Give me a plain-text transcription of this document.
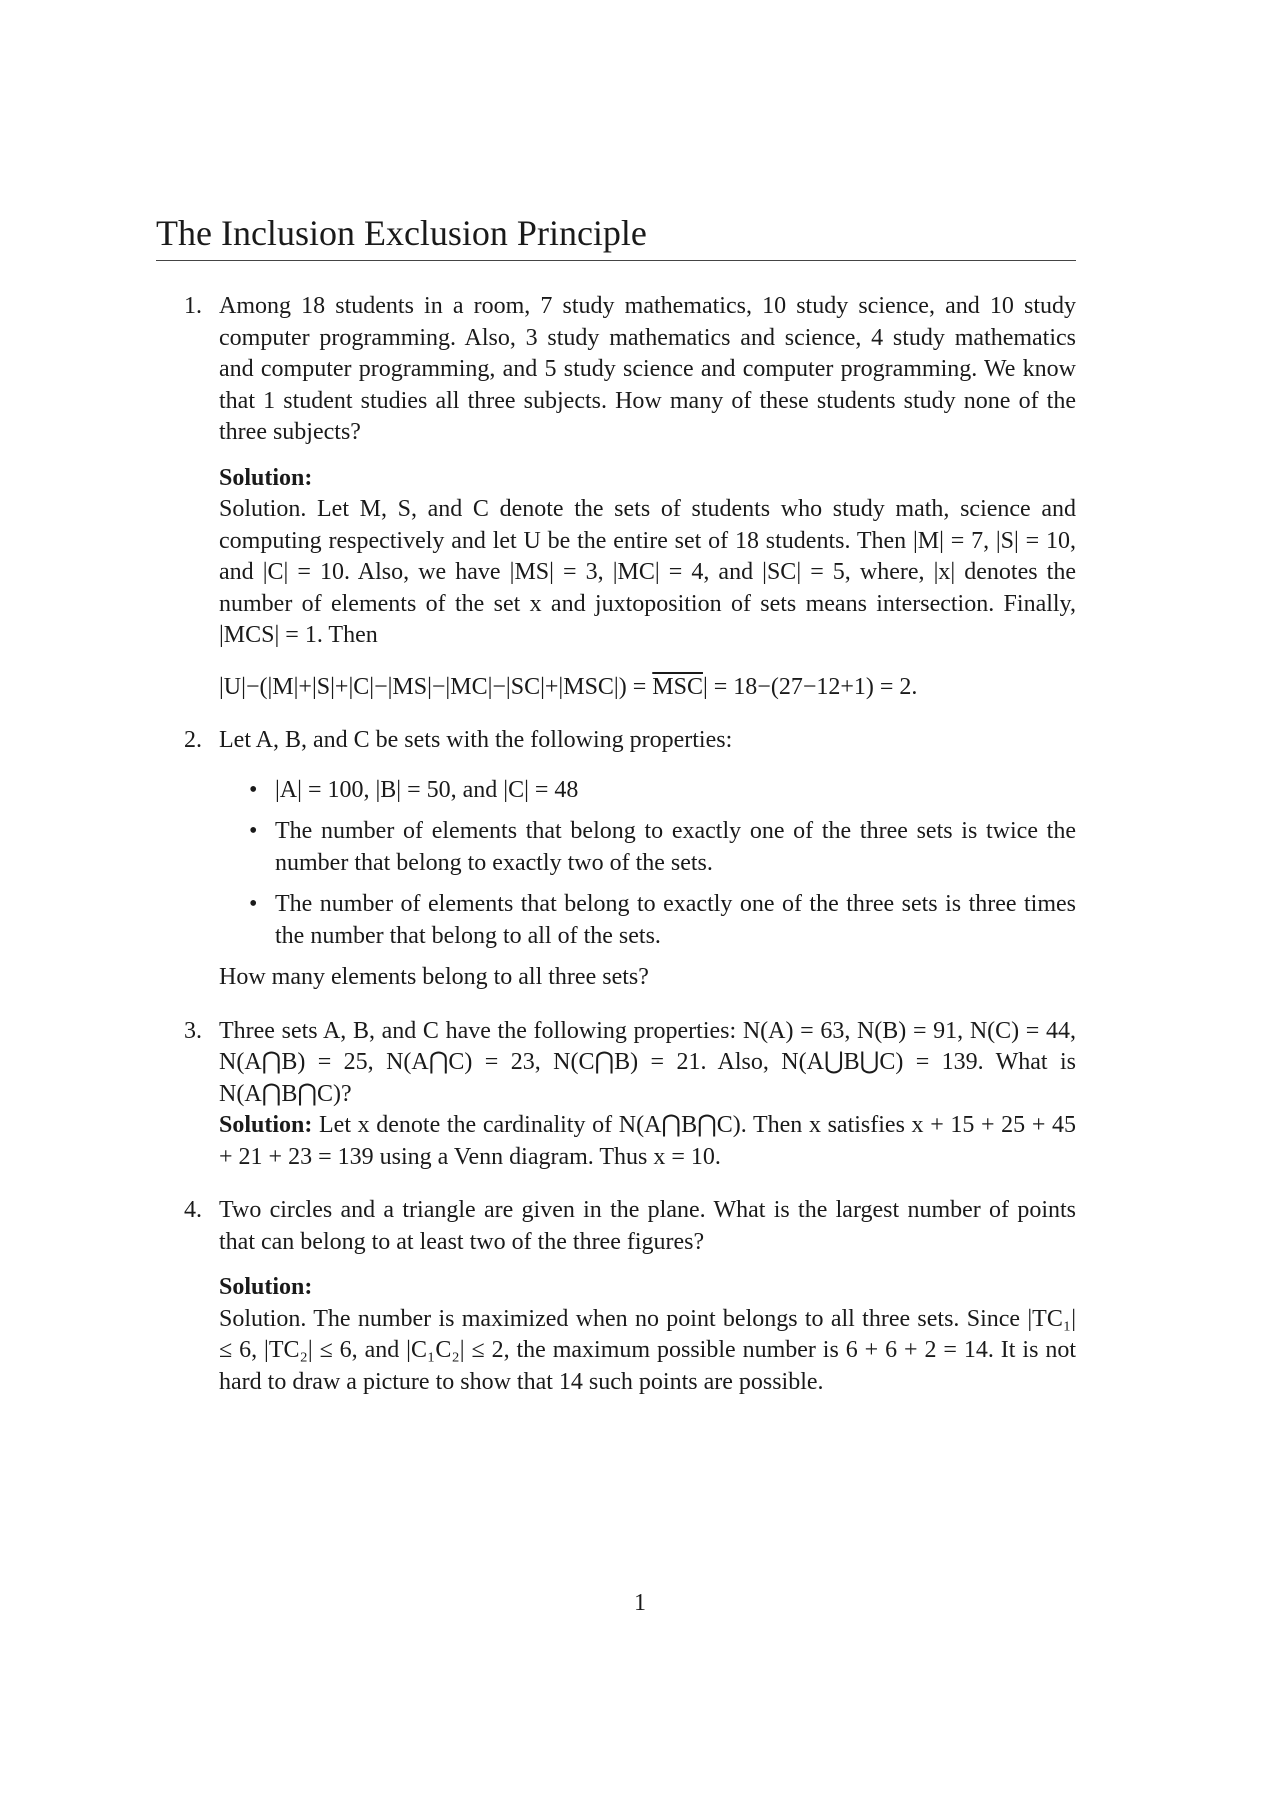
The Inclusion Exclusion Principle
1. Among 18 students in a room, 7 study mathematics, 10 study science, and 10 study computer programming. Also, 3 study mathematics and science, 4 study mathematics and computer programming, and 5 study science and computer programming. We know that 1 student studies all three subjects. How many of these students study none of the three subjects?

Solution:

Solution. Let M, S, and C denote the sets of students who study math, science and computing respectively and let U be the entire set of 18 students. Then |M| = 7, |S| = 10, and |C| = 10. Also, we have |MS| = 3, |MC| = 4, and |SC| = 5, where, |x| denotes the number of elements of the set x and juxtoposition of sets means intersection. Finally, |MCS| = 1. Then

$|U|-(|M|+|S|+|C|-|MS|-|MC|-|SC|+|MSC|) = \overline{MSC}| = 18-(27-12+1) = 2$.
2. Let A, B, and C be sets with the following properties:

• |A| = 100, |B| = 50, and |C| = 48
• The number of elements that belong to exactly one of the three sets is twice the number that belong to exactly two of the sets.
• The number of elements that belong to exactly one of the three sets is three times the number that belong to all of the sets.

How many elements belong to all three sets?

3. Three sets A, B, and C have the following properties: N(A) = 63, N(B) = 91, N(C) = 44, N(A⋂B) = 25, N(A⋂C) = 23, N(C⋂B) = 21. Also, N(A⋃B⋃C) = 139. What is N(A⋂B⋂C)?

Solution: Let x denote the cardinality of N(A⋂B⋂C). Then x satisfies x + 15 + 25 + 45 + 21 + 23 = 139 using a Venn diagram. Thus x = 10.

4. Two circles and a triangle are given in the plane. What is the largest number of points that can belong to at least two of the three figures?

Solution:

Solution. The number is maximized when no point belongs to all three sets. Since |TC₁| ≤ 6, |TC₂| ≤ 6, and |C₁C₂| ≤ 2, the maximum possible number is 6 + 6 + 2 = 14. It is not hard to draw a picture to show that 14 such points are possible.

1
